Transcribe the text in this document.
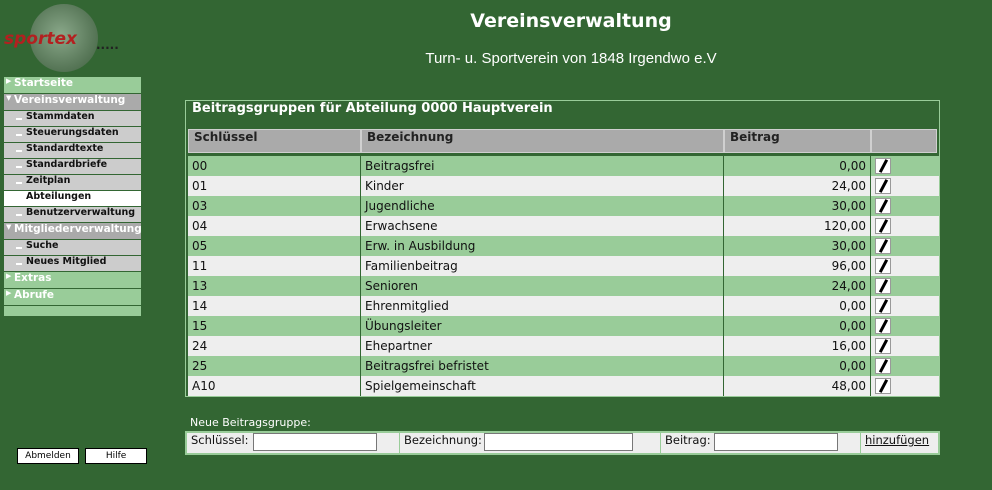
sportex .....
Vereinsverwaltung
Turn- u. Sportverein von 1848 Irgendwo e.V
▶ Startseite
▼ Vereinsverwaltung
Stammdaten
Steuerungsdaten
Standardtexte
Standardbriefe
Zeitplan
Abteilungen
Benutzerverwaltung
▼ Mitgliederverwaltung
Suche
Neues Mitglied
▶ Extras
▶ Abrufe
Abmelden	Hilfe
Beitragsgruppen für Abteilung 0000 Hauptverein
Schlüssel	Bezeichnung	Beitrag
00	Beitragsfrei	0,00
01	Kinder	24,00
03	Jugendliche	30,00
04	Erwachsene	120,00
05	Erw. in Ausbildung	30,00
11	Familienbeitrag	96,00
13	Senioren	24,00
14	Ehrenmitglied	0,00
15	Übungsleiter	0,00
24	Ehepartner	16,00
25	Beitragsfrei befristet	0,00
A10	Spielgemeinschaft	48,00
Neue Beitragsgruppe:
Schlüssel:	Bezeichnung:	Beitrag:	hinzufügen
